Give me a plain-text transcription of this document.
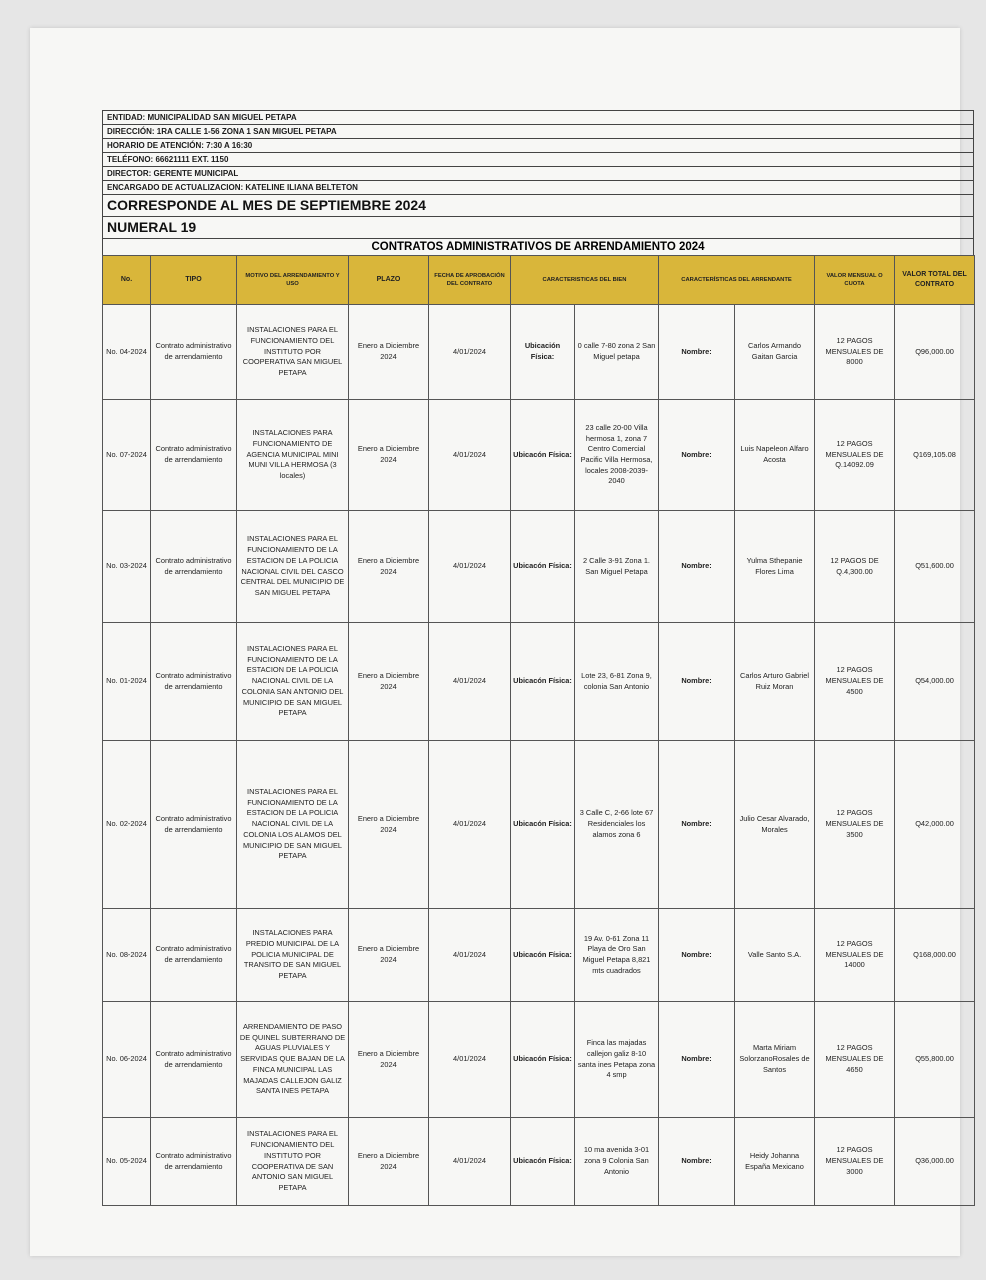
ENTIDAD: MUNICIPALIDAD SAN MIGUEL PETAPA
DIRECCIÓN: 1RA CALLE 1-56 ZONA 1 SAN MIGUEL PETAPA
HORARIO DE ATENCIÓN: 7:30 A 16:30
TELÉFONO: 66621111 EXT. 1150
DIRECTOR: GERENTE MUNICIPAL
ENCARGADO DE ACTUALIZACION: KATELINE ILIANA BELTETON
CORRESPONDE AL MES DE SEPTIEMBRE 2024
NUMERAL 19
CONTRATOS ADMINISTRATIVOS DE ARRENDAMIENTO 2024
No.	TIPO	MOTIVO DEL ARRENDAMIENTO Y USO	PLAZO	FECHA DE APROBACIÓN DEL CONTRATO	CARACTERISTICAS DEL BIEN		CARACTERÍSTICAS DEL ARRENDANTE		VALOR MENSUAL O CUOTA	VALOR TOTAL DEL CONTRATO
No. 04-2024	Contrato administrativo de arrendamiento	INSTALACIONES PARA EL FUNCIONAMIENTO DEL INSTITUTO POR COOPERATIVA SAN MIGUEL PETAPA	Enero a Diciembre 2024	4/01/2024	Ubicación Física:	0 calle 7-80 zona 2 San Miguel petapa	Nombre:	Carlos Armando Gaitan Garcia	12 PAGOS MENSUALES DE 8000	Q96,000.00
No. 07-2024	Contrato administrativo de arrendamiento	INSTALACIONES PARA FUNCIONAMIENTO DE AGENCIA MUNICIPAL MINI MUNI VILLA HERMOSA (3 locales)	Enero a Diciembre 2024	4/01/2024	Ubicacón Física:	23 calle 20-00 Villa hermosa 1, zona 7 Centro Comercial Pacific Villa Hermosa, locales 2008-2039-2040	Nombre:	Luis Napeleon Alfaro Acosta	12 PAGOS MENSUALES DE Q.14092.09	Q169,105.08
No. 03-2024	Contrato administrativo de arrendamiento	INSTALACIONES PARA EL FUNCIONAMIENTO DE LA ESTACION DE LA POLICIA NACIONAL CIVIL DEL CASCO CENTRAL DEL MUNICIPIO DE SAN MIGUEL PETAPA	Enero a Diciembre 2024	4/01/2024	Ubicacón Física:	2 Calle 3-91 Zona 1. San Miguel Petapa	Nombre:	Yulma Sthepanie Flores Lima	12 PAGOS DE Q.4,300.00	Q51,600.00
No. 01-2024	Contrato administrativo de arrendamiento	INSTALACIONES PARA EL FUNCIONAMIENTO DE LA ESTACION DE LA POLICIA NACIONAL CIVIL DE LA COLONIA SAN ANTONIO DEL MUNICIPIO DE SAN MIGUEL PETAPA	Enero a Diciembre 2024	4/01/2024	Ubicacón Física:	Lote 23, 6-81 Zona 9, colonia San Antonio	Nombre:	Carlos Arturo Gabriel Ruiz Moran	12 PAGOS MENSUALES DE 4500	Q54,000.00
No. 02-2024	Contrato administrativo de arrendamiento	INSTALACIONES PARA EL FUNCIONAMIENTO DE LA ESTACION DE LA POLICIA NACIONAL CIVIL DE LA COLONIA LOS ALAMOS DEL MUNICIPIO DE SAN MIGUEL PETAPA	Enero a Diciembre 2024	4/01/2024	Ubicacón Física:	3 Calle C, 2-66 lote 67 Residenciales los alamos zona 6	Nombre:	Julio Cesar Alvarado, Morales	12 PAGOS MENSUALES DE 3500	Q42,000.00
No. 08-2024	Contrato administrativo de arrendamiento	INSTALACIONES PARA PREDIO MUNICIPAL DE LA POLICIA MUNICIPAL DE TRANSITO DE SAN MIGUEL PETAPA	Enero a Diciembre 2024	4/01/2024	Ubicacón Física:	19 Av. 0-61 Zona 11 Playa de Oro San Miguel Petapa 8,821 mts cuadrados	Nombre:	Valle Santo S.A.	12 PAGOS MENSUALES DE 14000	Q168,000.00
No. 06-2024	Contrato administrativo de arrendamiento	ARRENDAMIENTO DE PASO DE QUINEL SUBTERRANO DE AGUAS PLUVIALES Y SERVIDAS QUE BAJAN DE LA FINCA MUNICIPAL LAS MAJADAS CALLEJON GALIZ SANTA INES PETAPA	Enero a Diciembre 2024	4/01/2024	Ubicacón Física:	Finca las majadas callejon galiz 8-10 santa ines Petapa zona 4 smp	Nombre:	Marta Miriam SolorzanoRosales de Santos	12 PAGOS MENSUALES DE 4650	Q55,800.00
No. 05-2024	Contrato administrativo de arrendamiento	INSTALACIONES PARA EL FUNCIONAMIENTO DEL INSTITUTO POR COOPERATIVA DE SAN ANTONIO SAN MIGUEL PETAPA	Enero a Diciembre 2024	4/01/2024	Ubicacón Física:	10 ma avenida 3-01 zona 9 Colonia San Antonio	Nombre:	Heidy Johanna España Mexicano	12 PAGOS MENSUALES DE 3000	Q36,000.00
